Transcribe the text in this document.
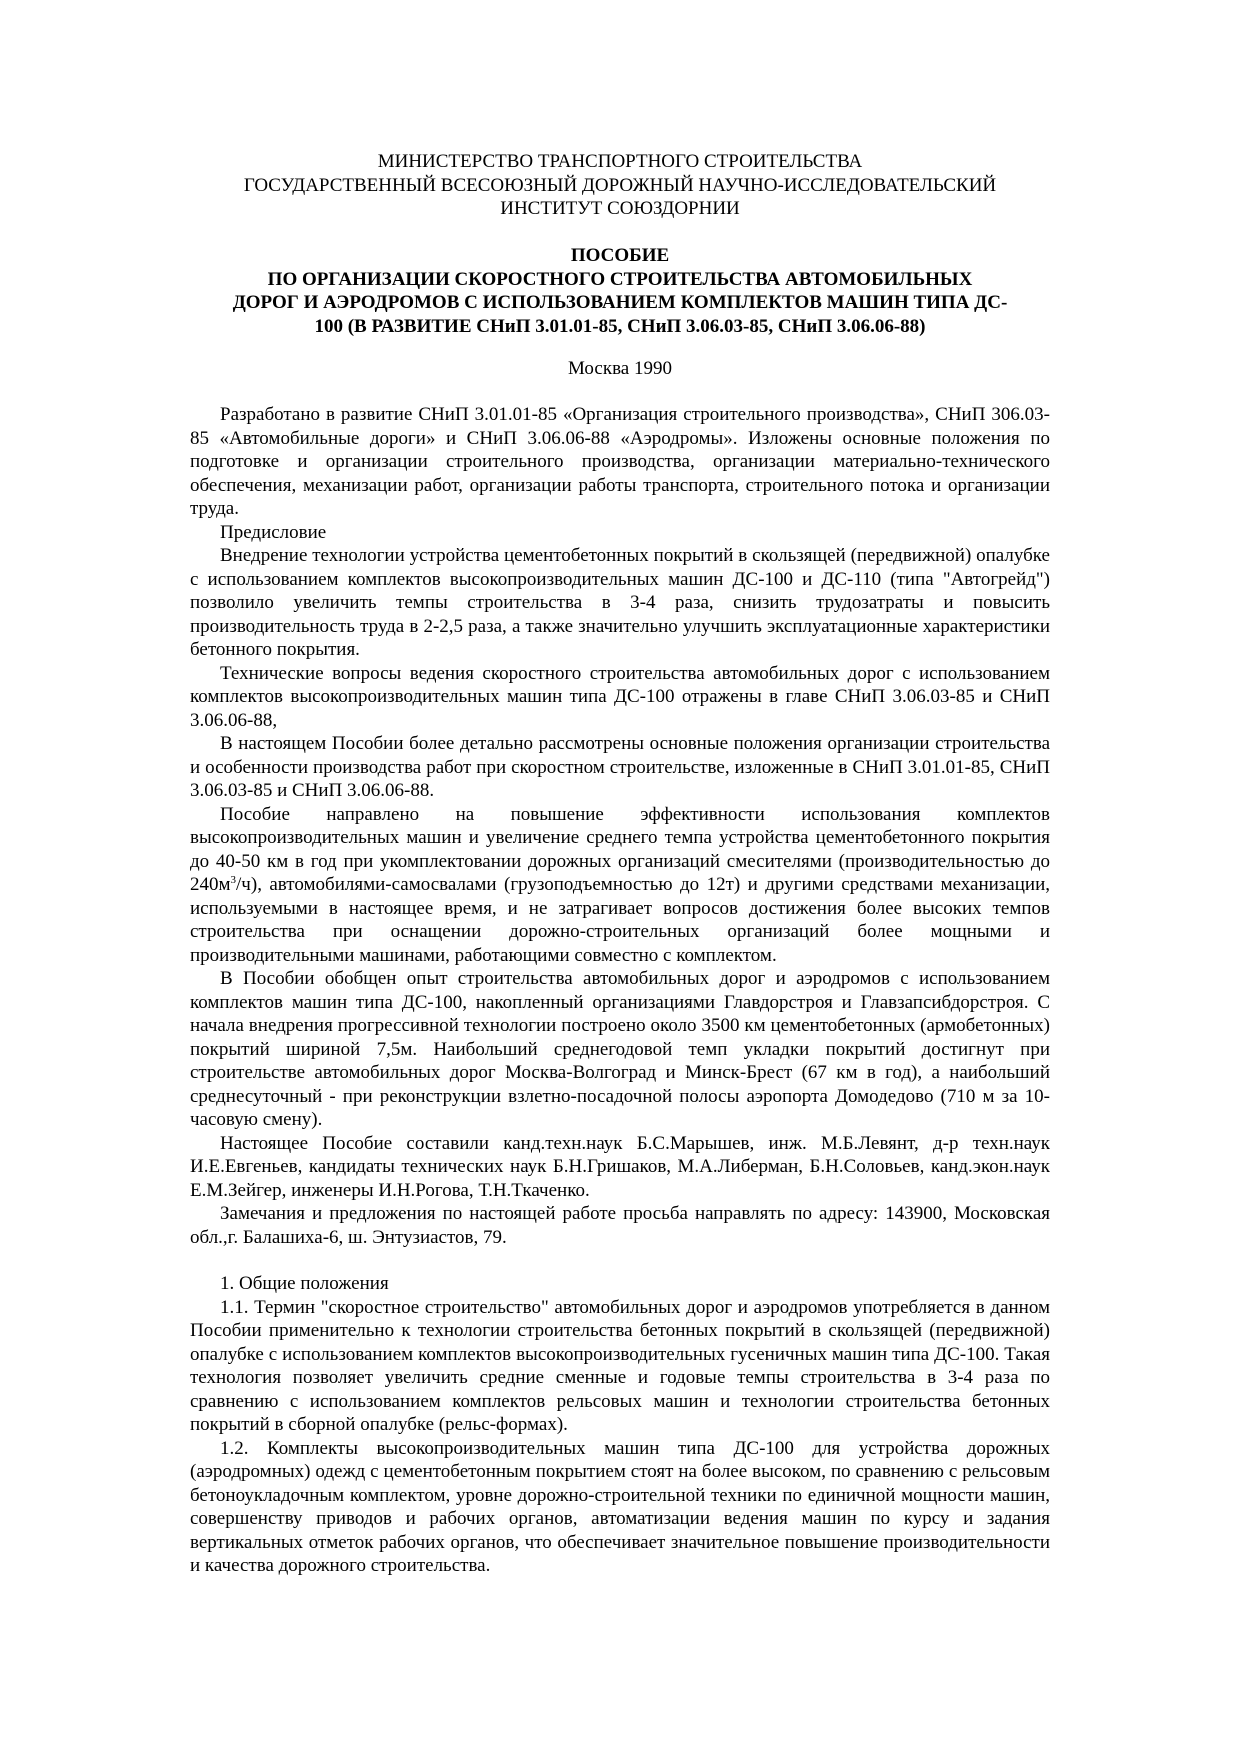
МИНИСТЕРСТВО ТРАНСПОРТНОГО СТРОИТЕЛЬСТВА
ГОСУДАРСТВЕННЫЙ ВСЕСОЮЗНЫЙ ДОРОЖНЫЙ НАУЧНО-ИССЛЕДОВАТЕЛЬСКИЙ
ИНСТИТУТ СОЮЗДОРНИИ
ПОСОБИЕ
ПО ОРГАНИЗАЦИИ СКОРОСТНОГО СТРОИТЕЛЬСТВА АВТОМОБИЛЬНЫХ
ДОРОГ И АЭРОДРОМОВ С ИСПОЛЬЗОВАНИЕМ КОМПЛЕКТОВ МАШИН ТИПА ДС-
100 (В РАЗВИТИЕ СНиП 3.01.01-85, СНиП 3.06.03-85, СНиП 3.06.06-88)
Москва 1990

Разработано в развитие СНиП 3.01.01-85 «Организация строительного производства», СНиП 306.03-85 «Автомобильные дороги» и СНиП 3.06.06-88 «Аэродромы». Изложены основные положения по подготовке и организации строительного производства, организации материально-технического обеспечения, механизации работ, организации работы транспорта, строительного потока и организации труда.

Предисловие

Внедрение технологии устройства цементобетонных покрытий в скользящей (передвижной) опалубке с использованием комплектов высокопроизводительных машин ДС-100 и ДС-110 (типа "Автогрейд") позволило увеличить темпы строительства в 3-4 раза, снизить трудозатраты и повысить производительность труда в 2-2,5 раза, а также значительно улучшить эксплуатационные характеристики бетонного покрытия.

Технические вопросы ведения скоростного строительства автомобильных дорог с использованием комплектов высокопроизводительных машин типа ДС-100 отражены в главе СНиП 3.06.03-85 и СНиП 3.06.06-88,

В настоящем Пособии более детально рассмотрены основные положения организации строительства и особенности производства работ при скоростном строительстве, изложенные в СНиП 3.01.01-85, СНиП 3.06.03-85 и СНиП 3.06.06-88.

Пособие направлено на повышение эффективности использования комплектов высокопроизводительных машин и увеличение среднего темпа устройства цементобетонного покрытия до 40-50 км в год при укомплектовании дорожных организаций смесителями (производительностью до $240м^3/ч$), автомобилями-самосвалами (грузоподъемностью до 12т) и другими средствами механизации, используемыми в настоящее время, и не затрагивает вопросов достижения более высоких темпов строительства при оснащении дорожно-строительных организаций более мощными и производительными машинами, работающими совместно с комплектом.

В Пособии обобщен опыт строительства автомобильных дорог и аэродромов с использованием комплектов машин типа ДС-100, накопленный организациями Главдорстроя и Главзапсибдорстроя. С начала внедрения прогрессивной технологии построено около 3500 км цементобетонных (армобетонных) покрытий шириной 7,5м. Наибольший среднегодовой темп укладки покрытий достигнут при строительстве автомобильных дорог Москва-Волгоград и Минск-Брест (67 км в год), а наибольший среднесуточный - при реконструкции взлетно-посадочной полосы аэропорта Домодедово (710 м за 10-часовую смену).

Настоящее Пособие составили канд.техн.наук Б.С.Марышев, инж. М.Б.Левянт, д-р техн.наук И.Е.Евгеньев, кандидаты технических наук Б.Н.Гришаков, М.А.Либерман, Б.Н.Соловьев, канд.экон.наук Е.М.Зейгер, инженеры И.Н.Рогова, Т.Н.Ткаченко.

Замечания и предложения по настоящей работе просьба направлять по адресу: 143900, Московская обл.,г. Балашиха-6, ш. Энтузиастов, 79.

1. Общие положения

1.1. Термин "скоростное строительство" автомобильных дорог и аэродромов употребляется в данном Пособии применительно к технологии строительства бетонных покрытий в скользящей (передвижной) опалубке с использованием комплектов высокопроизводительных гусеничных машин типа ДС-100. Такая технология позволяет увеличить средние сменные и годовые темпы строительства в 3-4 раза по сравнению с использованием комплектов рельсовых машин и технологии строительства бетонных покрытий в сборной опалубке (рельс-формах).

1.2. Комплекты высокопроизводительных машин типа ДС-100 для устройства дорожных (аэродромных) одежд с цементобетонным покрытием стоят на более высоком, по сравнению с рельсовым бетоноукладочным комплектом, уровне дорожно-строительной техники по единичной мощности машин, совершенству приводов и рабочих органов, автоматизации ведения машин по курсу и задания вертикальных отметок рабочих органов, что обеспечивает значительное повышение производительности и качества дорожного строительства.
